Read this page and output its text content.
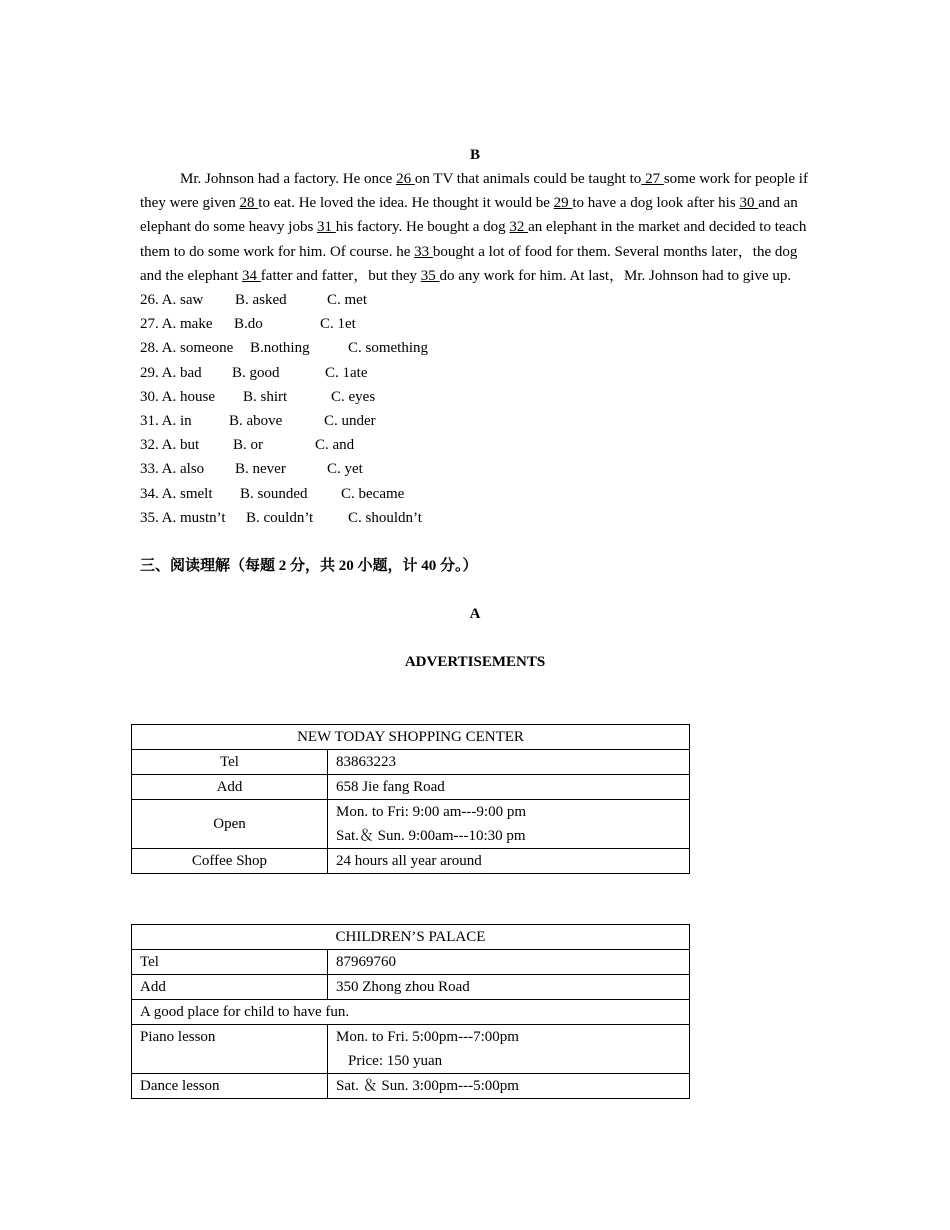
B

Mr. Johnson had a factory. He once 26 on TV that animals could be taught to 27 some work for people if they were given 28 to eat. He loved the idea. He thought it would be 29 to have a dog look after his 30 and an elephant do some heavy jobs 31 his factory. He bought a dog 32 an elephant in the market and decided to teach them to do some work for him. Of course. he 33 bought a lot of food for them. Several months later，the dog and the elephant 34 fatter and fatter，but they 35 do any work for him. At last，Mr. Johnson had to give up.

26. A. saw B. asked	C. met
27. A. make B.do	C. 1et
28. A. someone B.nothing	C. something
29. A. bad B. good	C. 1ate
30. A. house B. shirt	C. eyes
31. A. in B. above	C. under
32. A. but B. or	C. and
33. A. also B. never	C. yet
34. A. smelt B. sounded C. became
35. A. mustn’t B. couldn’t C. shouldn’t
三、阅读理解（每题 2 分，共 20 小题，计 40 分。）
A
ADVERTISEMENTS
NEW TODAY SHOPPING CENTER	
Tel	83863223
Add	658 Jie fang Road
Open	Mon. to Fri: 9:00 am---9:00 pm
Sat.＆ Sun. 9:00am---10:30 pm

Coffee Shop	24 hours all year around
CHILDREN’S PALACE	
Tel	87969760
Add	350 Zhong zhou Road
A good place for child to have fun.	
Piano lesson	Mon. to Fri. 5:00pm---7:00pm
Price: 150 yuan

Dance lesson	Sat. ＆ Sun. 3:00pm---5:00pm
